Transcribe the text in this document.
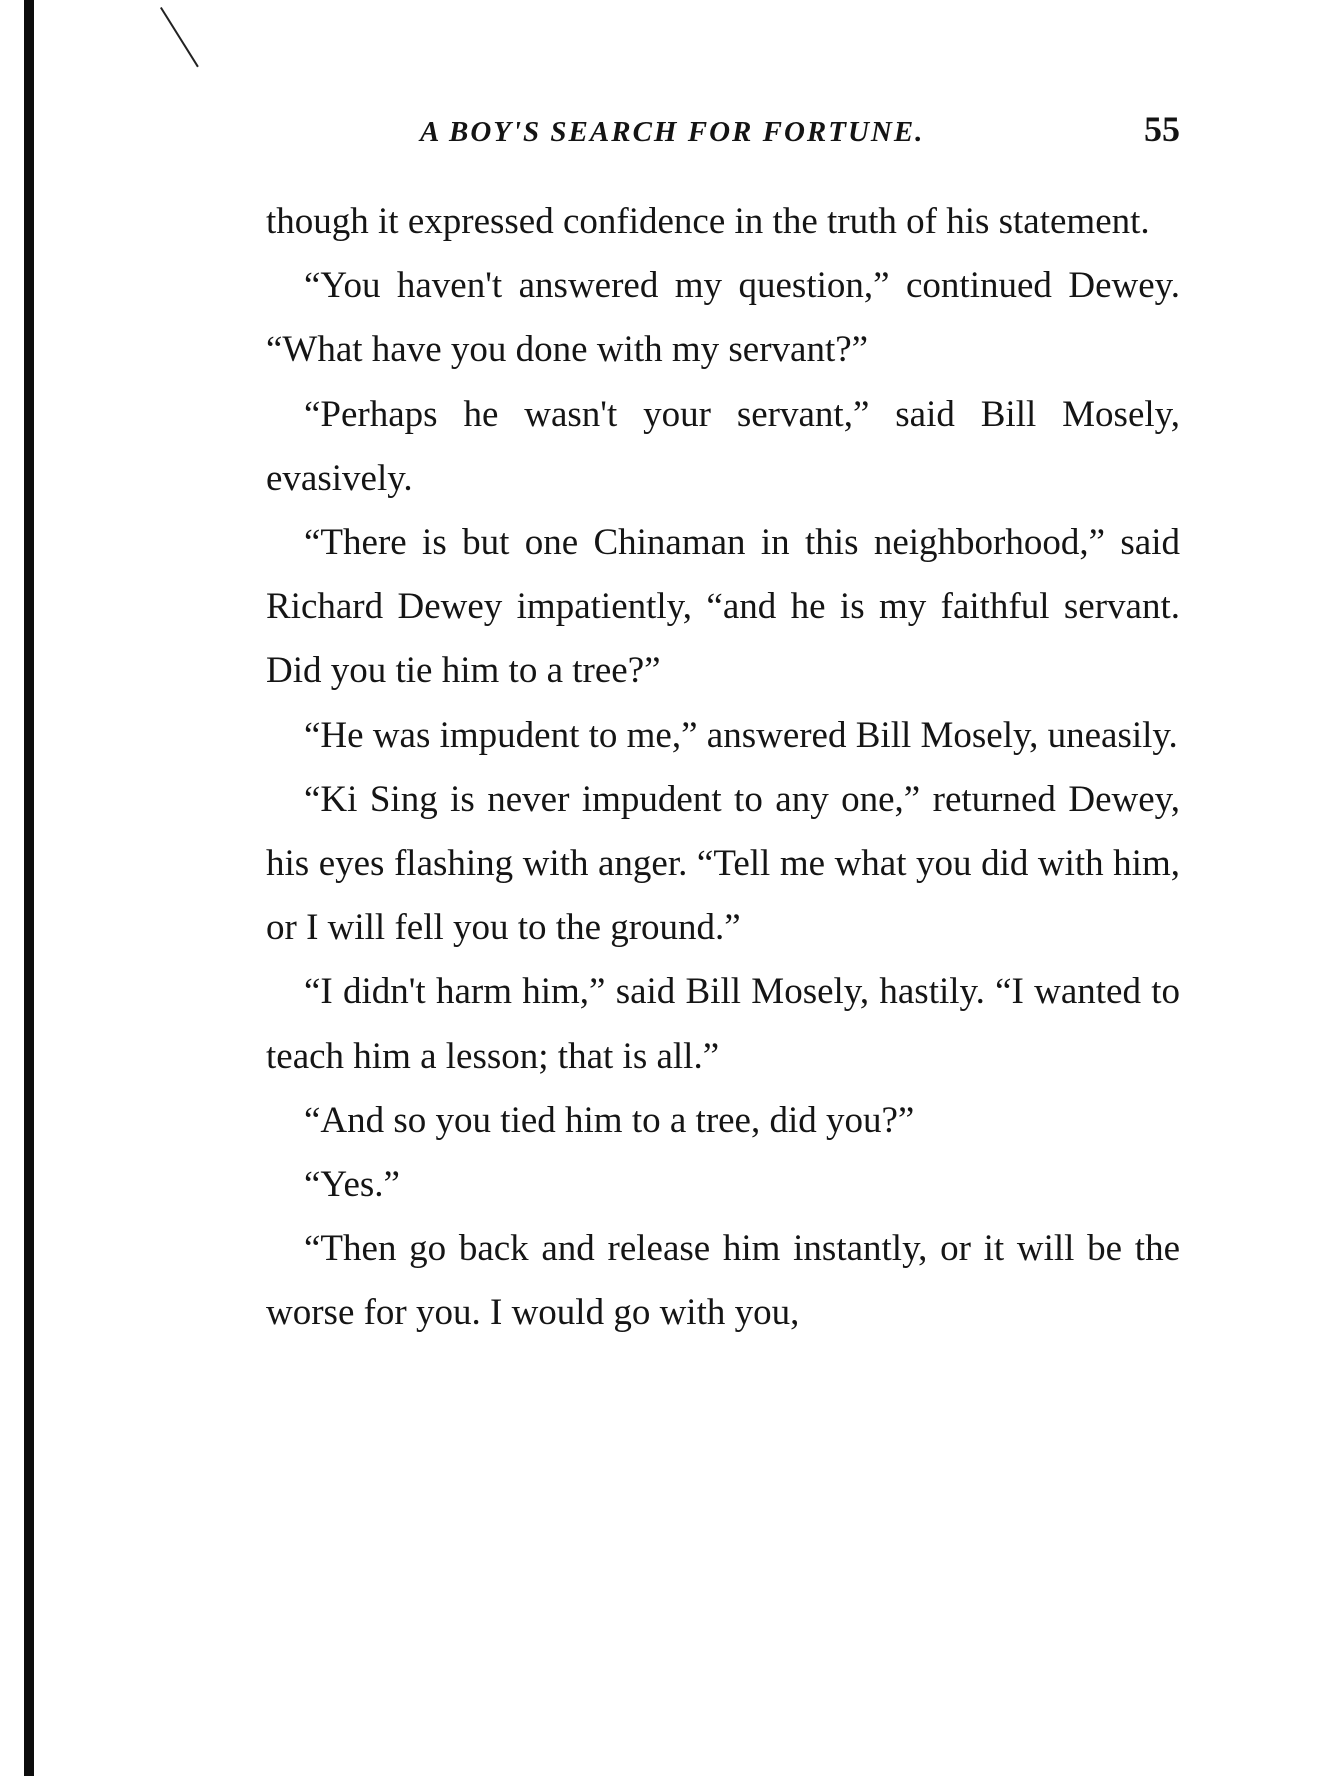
A BOY'S SEARCH FOR FORTUNE.	55

though it expressed confidence in the truth of his statement.

“You haven't answered my question,” continued Dewey. “What have you done with my servant?”

“Perhaps he wasn't your servant,” said Bill Mosely, evasively.

“There is but one Chinaman in this neighborhood,” said Richard Dewey impatiently, “and he is my faithful servant. Did you tie him to a tree?”

“He was impudent to me,” answered Bill Mosely, uneasily.

“Ki Sing is never impudent to any one,” returned Dewey, his eyes flashing with anger. “Tell me what you did with him, or I will fell you to the ground.”

“I didn't harm him,” said Bill Mosely, hastily. “I wanted to teach him a lesson; that is all.”

“And so you tied him to a tree, did you?”

“Yes.”

“Then go back and release him instantly, or it will be the worse for you. I would go with you,
